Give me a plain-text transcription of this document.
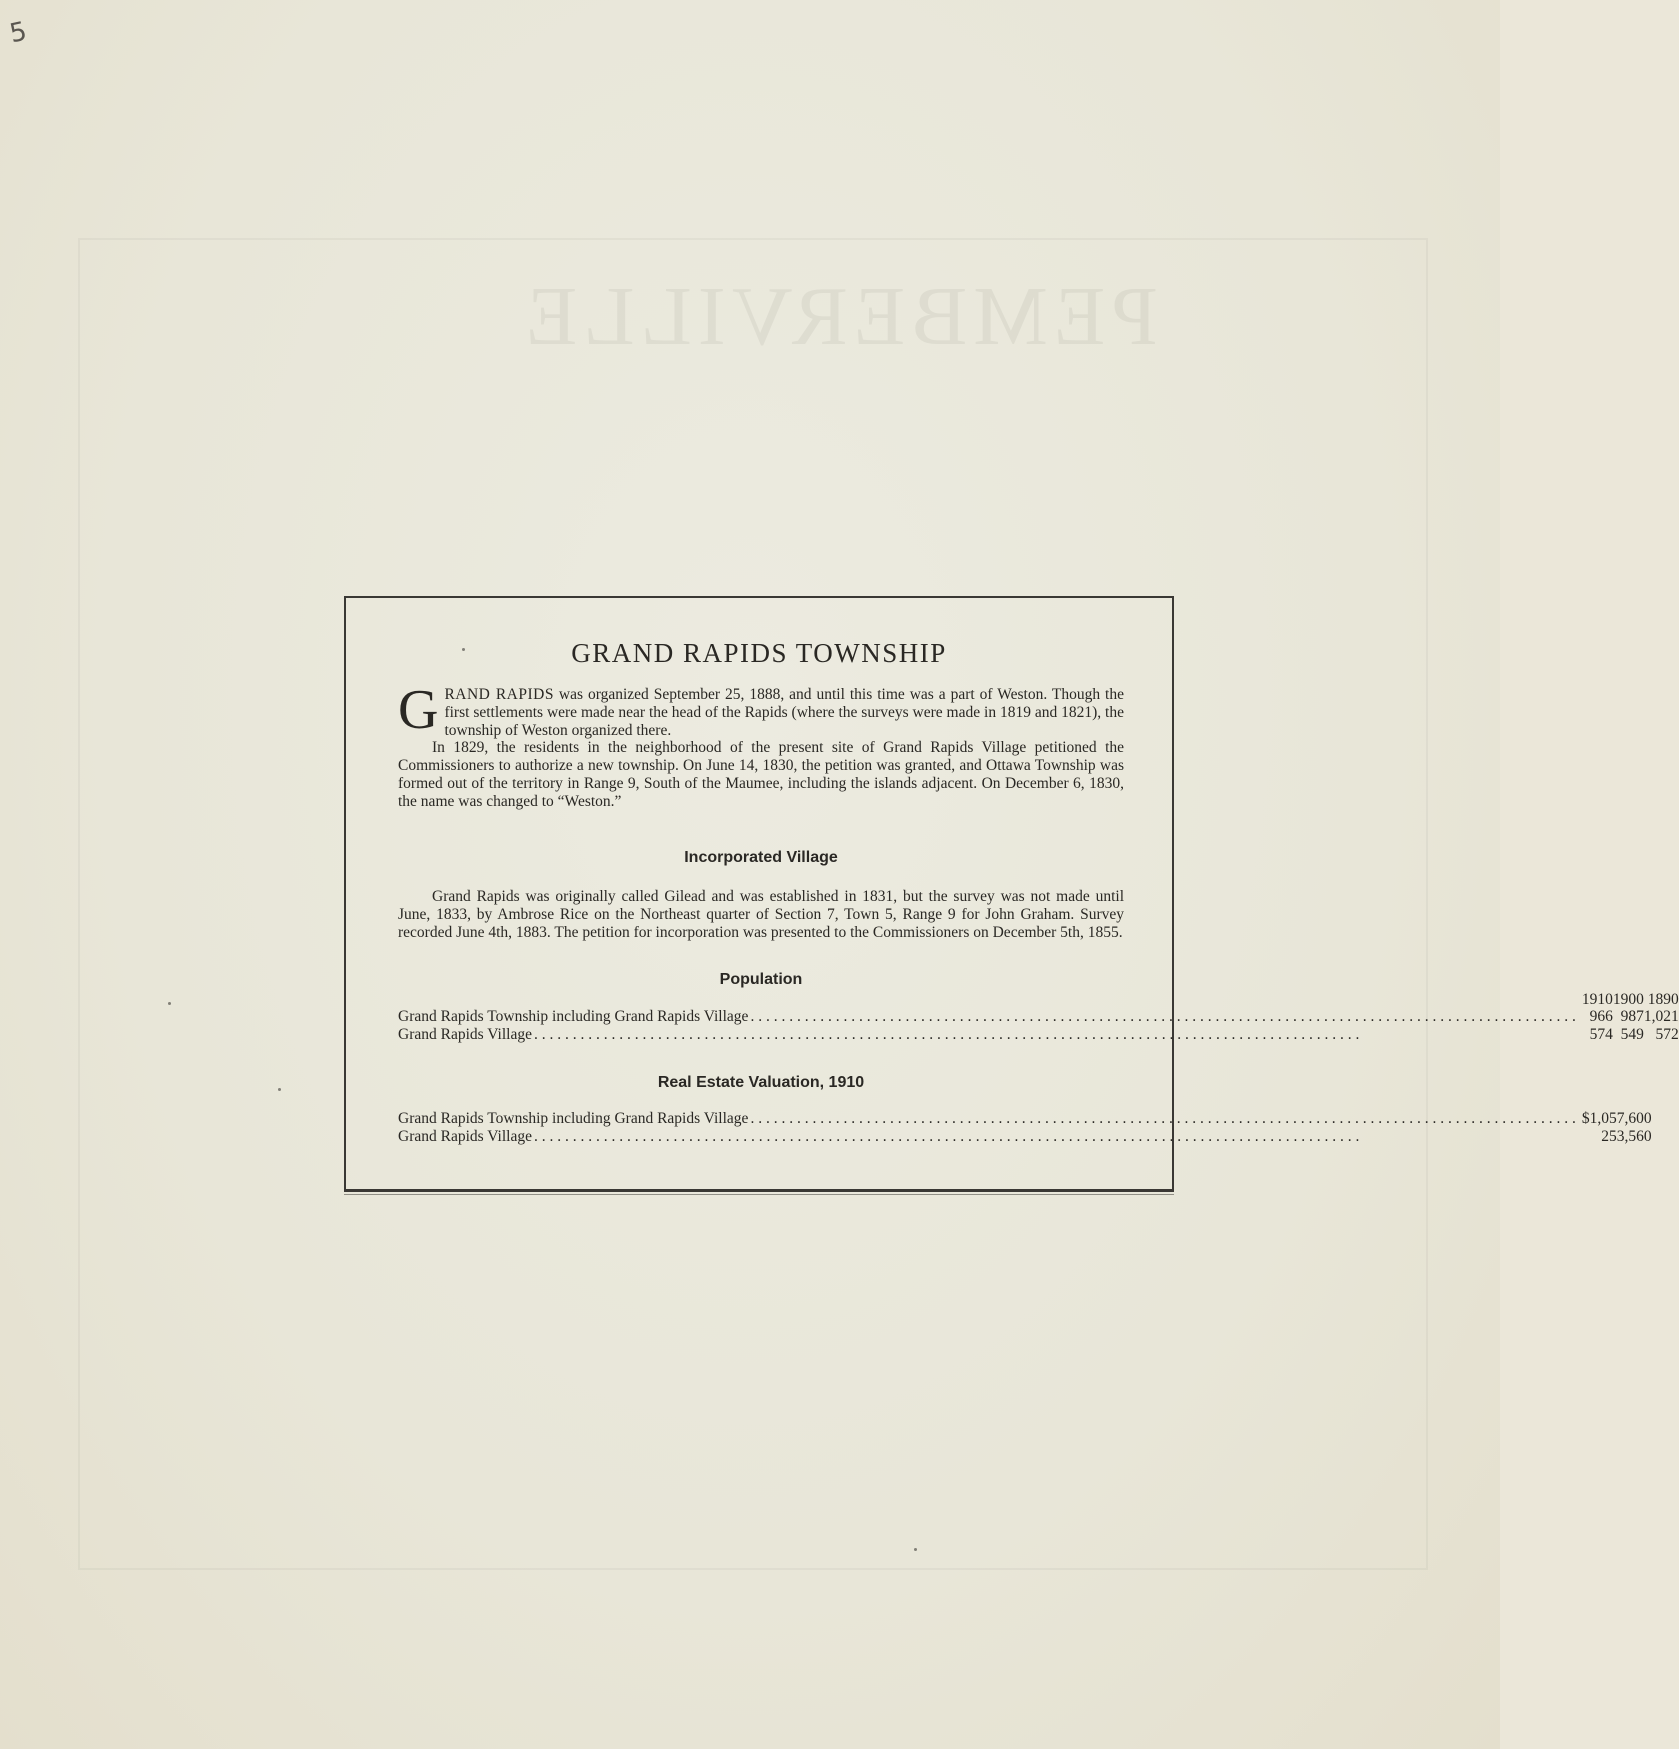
PEMBERVILLE
5
GRAND RAPIDS TOWNSHIP

GRAND RAPIDS was organized September 25, 1888, and until this time was a part of Weston. Though the first settlements were made near the head of the Rapids (where the surveys were made in 1819 and 1821), the township of Weston organized there.

In 1829, the residents in the neighborhood of the present site of Grand Rapids Village petitioned the Commissioners to authorize a new township. On June 14, 1830, the petition was granted, and Ottawa Township was formed out of the territory in Range 9, South of the Maumee, including the islands adjacent. On December 6, 1830, the name was changed to “Weston.”

Incorporated Village

Grand Rapids was originally called Gilead and was established in 1831, but the survey was not made until June, 1833, by Ambrose Rice on the Northeast quarter of Section 7, Town 5, Range 9 for John Graham. Survey recorded June 4th, 1883. The petition for incorporation was presented to the Commissioners on December 5th, 1855.

Population
	1910	1900	1890

Grand Rapids Township including Grand Rapids Village
. . .	966	987	1,021

Grand Rapids Village
. . .	574	549	572
Real Estate Valuation, 1910
Grand Rapids Township including Grand Rapids Village
. . .	$	1,057,600

Grand Rapids Village
. . .		253,560
